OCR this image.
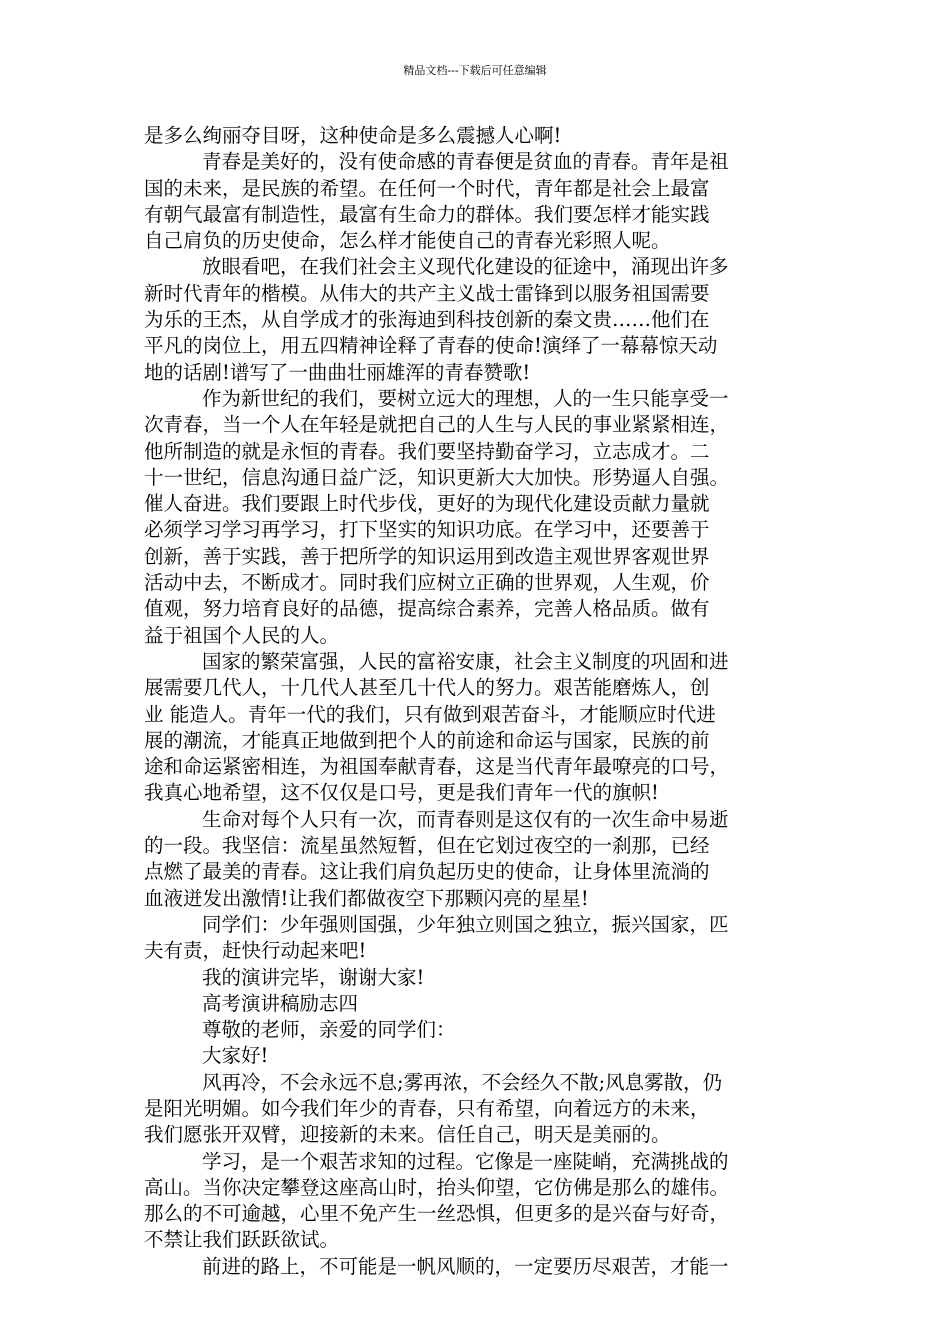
精品文档---下载后可任意编辑
是多么绚丽夺目呀，这种使命是多么震撼人心啊!
青春是美好的，没有使命感的青春便是贫血的青春。青年是祖
国的未来，是民族的希望。在任何一个时代，青年都是社会上最富
有朝气最富有制造性，最富有生命力的群体。我们要怎样才能实践
自己肩负的历史使命，怎么样才能使自己的青春光彩照人呢。
放眼看吧，在我们社会主义现代化建设的征途中，涌现出许多
新时代青年的楷模。从伟大的共产主义战士雷锋到以服务祖国需要
为乐的王杰，从自学成才的张海迪到科技创新的秦文贵……他们在
平凡的岗位上，用五四精神诠释了青春的使命!演绎了一幕幕惊天动
地的话剧!谱写了一曲曲壮丽雄浑的青春赞歌!
作为新世纪的我们，要树立远大的理想，人的一生只能享受一
次青春，当一个人在年轻是就把自己的人生与人民的事业紧紧相连，
他所制造的就是永恒的青春。我们要坚持勤奋学习，立志成才。二
十一世纪，信息沟通日益广泛，知识更新大大加快。形势逼人自强。
催人奋进。我们要跟上时代步伐，更好的为现代化建设贡献力量就
必须学习学习再学习，打下坚实的知识功底。在学习中，还要善于
创新，善于实践，善于把所学的知识运用到改造主观世界客观世界
活动中去，不断成才。同时我们应树立正确的世界观，人生观，价
值观，努力培育良好的品德，提高综合素养，完善人格品质。做有
益于祖国个人民的人。
国家的繁荣富强，人民的富裕安康，社会主义制度的巩固和进
展需要几代人，十几代人甚至几十代人的努力。艰苦能磨炼人，创
业 能造人。青年一代的我们，只有做到艰苦奋斗，才能顺应时代进
展的潮流，才能真正地做到把个人的前途和命运与国家，民族的前
途和命运紧密相连，为祖国奉献青春，这是当代青年最嘹亮的口号，
我真心地希望，这不仅仅是口号，更是我们青年一代的旗帜!
生命对每个人只有一次，而青春则是这仅有的一次生命中易逝
的一段。我坚信：流星虽然短暂，但在它划过夜空的一刹那，已经
点燃了最美的青春。这让我们肩负起历史的使命，让身体里流淌的
血液迸发出激情!让我们都做夜空下那颗闪亮的星星!
同学们：少年强则国强，少年独立则国之独立，振兴国家，匹
夫有责，赶快行动起来吧!
我的演讲完毕，谢谢大家!
高考演讲稿励志四
尊敬的老师，亲爱的同学们：
大家好!
风再冷，不会永远不息;雾再浓，不会经久不散;风息雾散，仍
是阳光明媚。如今我们年少的青春，只有希望，向着远方的未来，
我们愿张开双臂，迎接新的未来。信任自己，明天是美丽的。
学习，是一个艰苦求知的过程。它像是一座陡峭，充满挑战的
高山。当你决定攀登这座高山时，抬头仰望，它仿佛是那么的雄伟。
那么的不可逾越，心里不免产生一丝恐惧，但更多的是兴奋与好奇，
不禁让我们跃跃欲试。
前进的路上，不可能是一帆风顺的，一定要历尽艰苦，才能一
